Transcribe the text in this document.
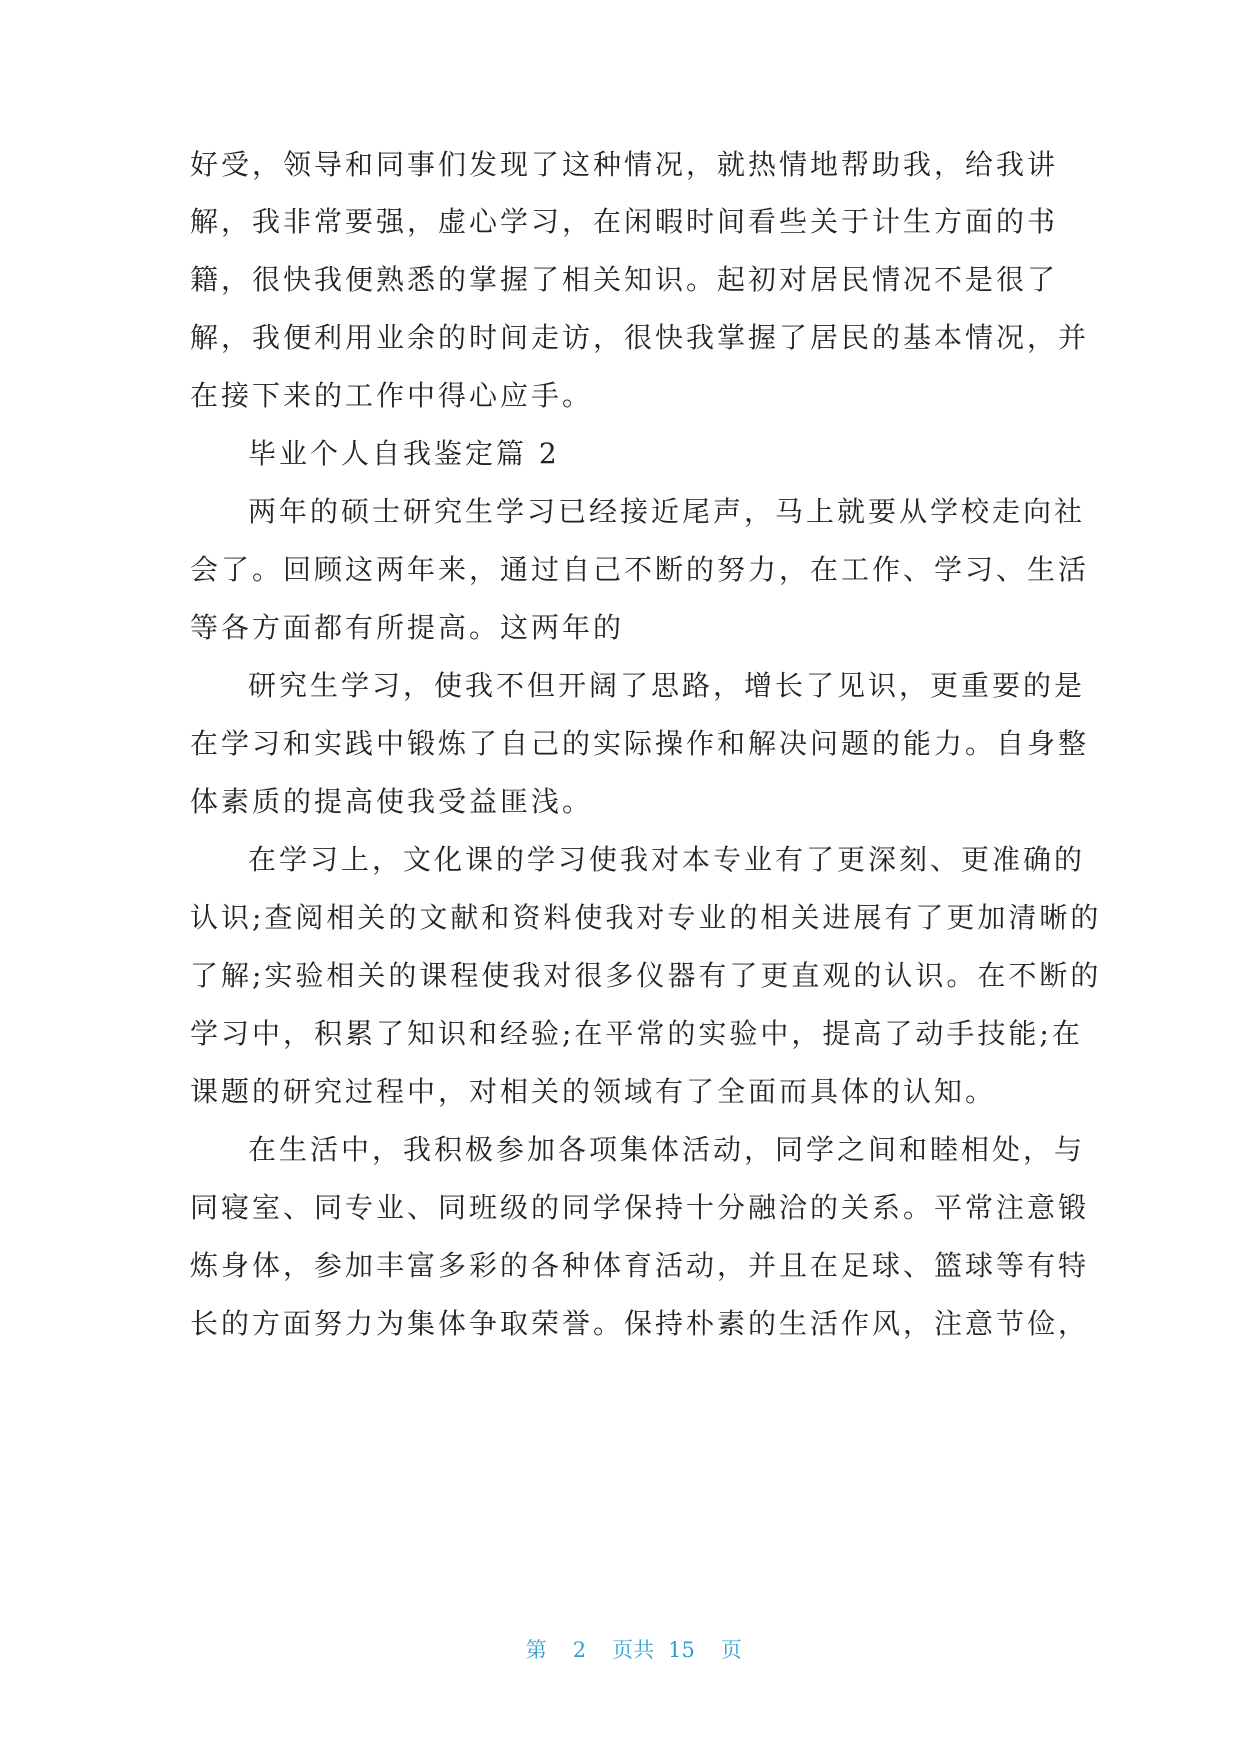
好受，领导和同事们发现了这种情况，就热情地帮助我，给我讲
解，我非常要强，虚心学习，在闲暇时间看些关于计生方面的书
籍，很快我便熟悉的掌握了相关知识。起初对居民情况不是很了
解，我便利用业余的时间走访，很快我掌握了居民的基本情况，并
在接下来的工作中得心应手。
毕业个人自我鉴定篇 2
两年的硕士研究生学习已经接近尾声，马上就要从学校走向社
会了。回顾这两年来，通过自己不断的努力，在工作、学习、生活
等各方面都有所提高。这两年的
研究生学习，使我不但开阔了思路，增长了见识，更重要的是
在学习和实践中锻炼了自己的实际操作和解决问题的能力。自身整
体素质的提高使我受益匪浅。
在学习上，文化课的学习使我对本专业有了更深刻、更准确的
认识;查阅相关的文献和资料使我对专业的相关进展有了更加清晰的
了解;实验相关的课程使我对很多仪器有了更直观的认识。在不断的
学习中，积累了知识和经验;在平常的实验中，提高了动手技能;在
课题的研究过程中，对相关的领域有了全面而具体的认知。
在生活中，我积极参加各项集体活动，同学之间和睦相处，与
同寝室、同专业、同班级的同学保持十分融洽的关系。平常注意锻
炼身体，参加丰富多彩的各种体育活动，并且在足球、篮球等有特
长的方面努力为集体争取荣誉。保持朴素的生活作风，注意节俭，

第 2 页共 15 页
